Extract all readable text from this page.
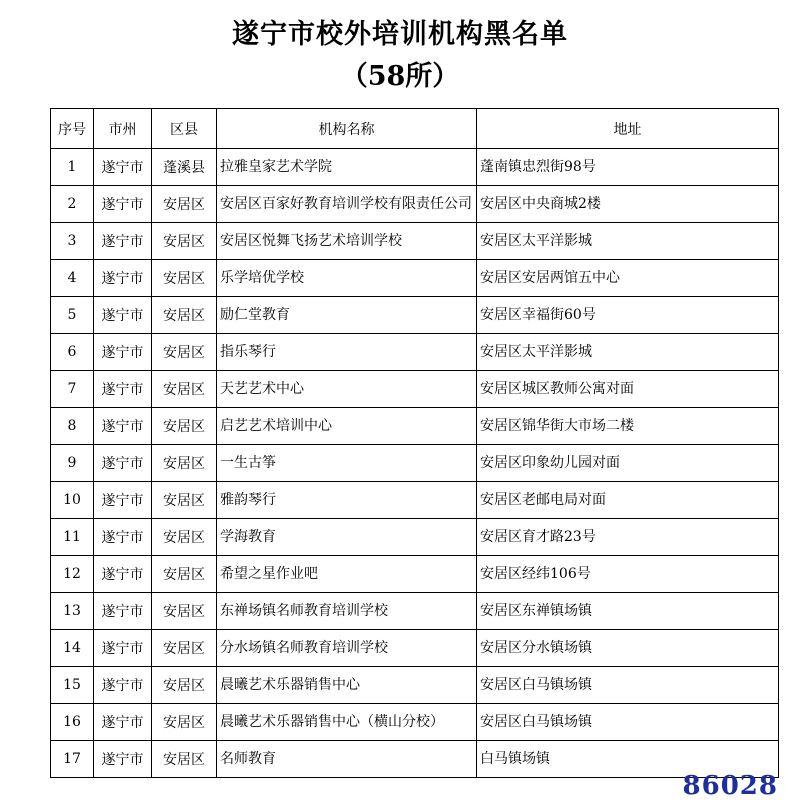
遂宁市校外培训机构黑名单
（58所）
序号	市州	区县	机构名称	地址
1	遂宁市	蓬溪县	拉雅皇家艺术学院	蓬南镇忠烈街98号
2	遂宁市	安居区	安居区百家好教育培训学校有限责任公司	安居区中央商城2楼
3	遂宁市	安居区	安居区悦舞飞扬艺术培训学校	安居区太平洋影城
4	遂宁市	安居区	乐学培优学校	安居区安居两馆五中心
5	遂宁市	安居区	励仁堂教育	安居区幸福街60号
6	遂宁市	安居区	指乐琴行	安居区太平洋影城
7	遂宁市	安居区	天艺艺术中心	安居区城区教师公寓对面
8	遂宁市	安居区	启艺艺术培训中心	安居区锦华街大市场二楼
9	遂宁市	安居区	一生古筝	安居区印象幼儿园对面
10	遂宁市	安居区	雅韵琴行	安居区老邮电局对面
11	遂宁市	安居区	学海教育	安居区育才路23号
12	遂宁市	安居区	希望之星作业吧	安居区经纬106号
13	遂宁市	安居区	东禅场镇名师教育培训学校	安居区东禅镇场镇
14	遂宁市	安居区	分水场镇名师教育培训学校	安居区分水镇场镇
15	遂宁市	安居区	晨曦艺术乐器销售中心	安居区白马镇场镇
16	遂宁市	安居区	晨曦艺术乐器销售中心（横山分校）	安居区白马镇场镇
17	遂宁市	安居区	名师教育	白马镇场镇
86028
